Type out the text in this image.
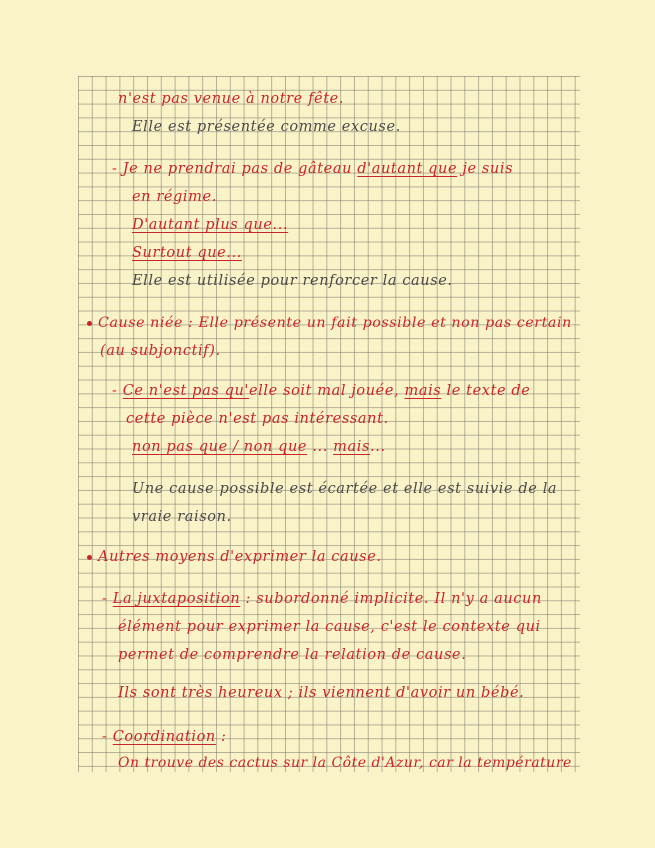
n'est pas venue à notre fête.
Elle est présentée comme excuse.
- Je ne prendrai pas de gâteau d'autant que je suis
en régime.
D'autant plus que...
Surtout que...
Elle est utilisée pour renforcer la cause.
Cause niée : Elle présente un fait possible et non pas certain
(au subjonctif).
- Ce n'est pas qu'elle soit mal jouée, mais le texte de
cette pièce n'est pas intéressant.
non pas que / non que ... mais...
Une cause possible est écartée et elle est suivie de la
vraie raison.
Autres moyens d'exprimer la cause.
- La juxtaposition : subordonné implicite. Il n'y a aucun
élément pour exprimer la cause, c'est le contexte qui
permet de comprendre la relation de cause.
Ils sont très heureux ; ils viennent d'avoir un bébé.
- Coordination :
On trouve des cactus sur la Côte d'Azur, car la température
